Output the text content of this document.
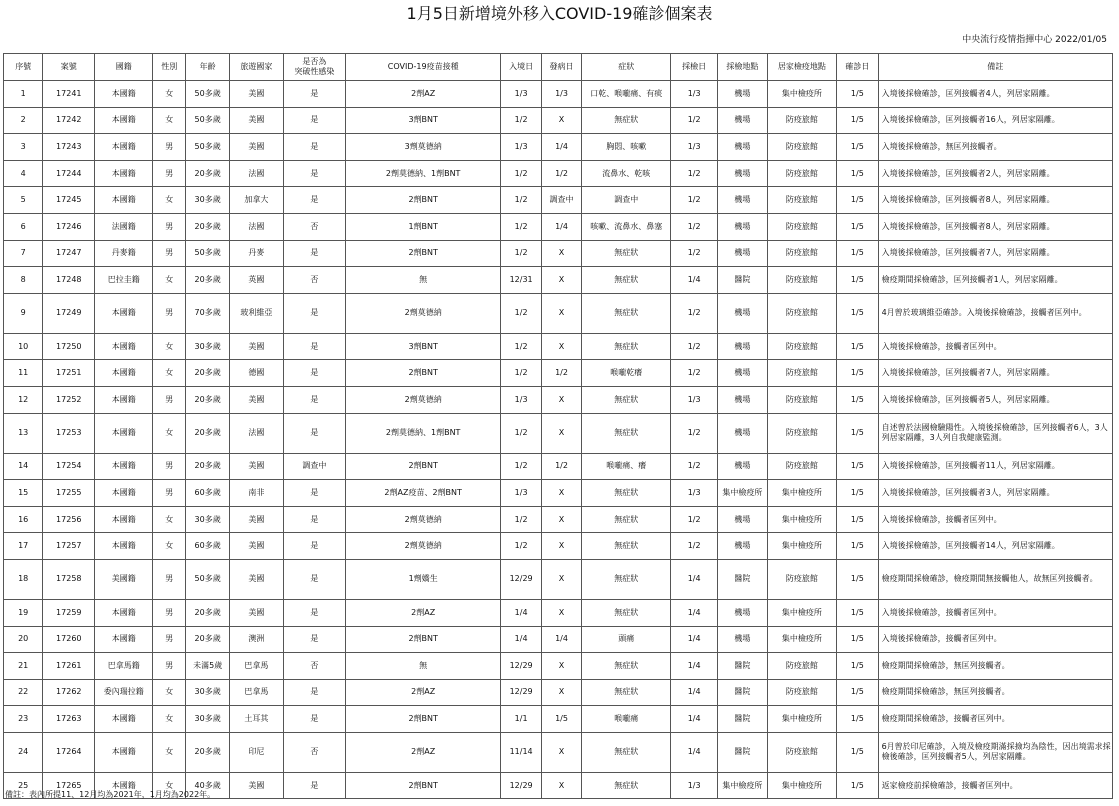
1月5日新增境外移入COVID-19確診個案表
中央流行疫情指揮中心 2022/01/05
序號	案號	國籍	性別	年齡	旅遊國家	是否為
突破性感染	COVID-19疫苗接種	入境日	發病日	症狀	採檢日	採檢地點	居家檢疫地點	確診日	備註
1	17241	本國籍	女	50多歲	美國	是	2劑AZ	1/3	1/3	口乾、喉嚨痛、有痰	1/3	機場	集中檢疫所	1/5	入境後採檢確診，匡列接觸者4人，列居家隔離。
2	17242	本國籍	女	50多歲	美國	是	3劑BNT	1/2	X	無症狀	1/2	機場	防疫旅館	1/5	入境後採檢確診，匡列接觸者16人，列居家隔離。
3	17243	本國籍	男	50多歲	美國	是	3劑莫德納	1/3	1/4	胸悶、咳嗽	1/3	機場	防疫旅館	1/5	入境後採檢確診，無匡列接觸者。
4	17244	本國籍	男	20多歲	法國	是	2劑莫德納、1劑BNT	1/2	1/2	流鼻水、乾咳	1/2	機場	防疫旅館	1/5	入境後採檢確診，匡列接觸者2人，列居家隔離。
5	17245	本國籍	女	30多歲	加拿大	是	2劑BNT	1/2	調查中	調查中	1/2	機場	防疫旅館	1/5	入境後採檢確診，匡列接觸者8人，列居家隔離。
6	17246	法國籍	男	20多歲	法國	否	1劑BNT	1/2	1/4	咳嗽、流鼻水、鼻塞	1/2	機場	防疫旅館	1/5	入境後採檢確診，匡列接觸者8人，列居家隔離。
7	17247	丹麥籍	男	50多歲	丹麥	是	2劑BNT	1/2	X	無症狀	1/2	機場	防疫旅館	1/5	入境後採檢確診，匡列接觸者7人，列居家隔離。
8	17248	巴拉圭籍	女	20多歲	英國	否	無	12/31	X	無症狀	1/4	醫院	防疫旅館	1/5	檢疫期間採檢確診，匡列接觸者1人，列居家隔離。
9	17249	本國籍	男	70多歲	玻利維亞	是	2劑莫德納	1/2	X	無症狀	1/2	機場	防疫旅館	1/5	4月曾於玻璃維亞確診。入境後採檢確診，接觸者匡列中。
10	17250	本國籍	女	30多歲	美國	是	3劑BNT	1/2	X	無症狀	1/2	機場	防疫旅館	1/5	入境後採檢確診，接觸者匡列中。
11	17251	本國籍	女	20多歲	德國	是	2劑BNT	1/2	1/2	喉嚨乾癢	1/2	機場	防疫旅館	1/5	入境後採檢確診，匡列接觸者7人，列居家隔離。
12	17252	本國籍	男	20多歲	美國	是	2劑莫德納	1/3	X	無症狀	1/3	機場	防疫旅館	1/5	入境後採檢確診，匡列接觸者5人，列居家隔離。
13	17253	本國籍	女	20多歲	法國	是	2劑莫德納、1劑BNT	1/2	X	無症狀	1/2	機場	防疫旅館	1/5	自述曾於法國檢驗陽性。入境後採檢確診，匡列接觸者6人，3人列居家隔離，3人列自我健康監測。
14	17254	本國籍	男	20多歲	美國	調查中	2劑BNT	1/2	1/2	喉嚨痛、癢	1/2	機場	防疫旅館	1/5	入境後採檢確診，匡列接觸者11人，列居家隔離。
15	17255	本國籍	男	60多歲	南非	是	2劑AZ疫苗、2劑BNT	1/3	X	無症狀	1/3	集中檢疫所	集中檢疫所	1/5	入境後採檢確診，匡列接觸者3人，列居家隔離。
16	17256	本國籍	女	30多歲	美國	是	2劑莫德納	1/2	X	無症狀	1/2	機場	集中檢疫所	1/5	入境後採檢確診，接觸者匡列中。
17	17257	本國籍	女	60多歲	美國	是	2劑莫德納	1/2	X	無症狀	1/2	機場	集中檢疫所	1/5	入境後採檢確診，匡列接觸者14人，列居家隔離。
18	17258	美國籍	男	50多歲	美國	是	1劑嬌生	12/29	X	無症狀	1/4	醫院	防疫旅館	1/5	檢疫期間採檢確診，檢疫期間無接觸他人，故無匡列接觸者。
19	17259	本國籍	男	20多歲	美國	是	2劑AZ	1/4	X	無症狀	1/4	機場	集中檢疫所	1/5	入境後採檢確診，接觸者匡列中。
20	17260	本國籍	男	20多歲	澳洲	是	2劑BNT	1/4	1/4	頭痛	1/4	機場	集中檢疫所	1/5	入境後採檢確診，接觸者匡列中。
21	17261	巴拿馬籍	男	未滿5歲	巴拿馬	否	無	12/29	X	無症狀	1/4	醫院	防疫旅館	1/5	檢疫期間採檢確診，無匡列接觸者。
22	17262	委內瑞拉籍	女	30多歲	巴拿馬	是	2劑AZ	12/29	X	無症狀	1/4	醫院	防疫旅館	1/5	檢疫期間採檢確診，無匡列接觸者。
23	17263	本國籍	女	30多歲	土耳其	是	2劑BNT	1/1	1/5	喉嚨痛	1/4	醫院	集中檢疫所	1/5	檢疫期間採檢確診，接觸者匡列中。
24	17264	本國籍	女	20多歲	印尼	否	2劑AZ	11/14	X	無症狀	1/4	醫院	防疫旅館	1/5	6月曾於印尼確診，入境及檢疫期滿採撿均為陰性，因出境需求採檢後確診，匡列接觸者5人，列居家隔離。
25	17265	本國籍	女	40多歲	美國	是	2劑BNT	12/29	X	無症狀	1/3	集中檢疫所	集中檢疫所	1/5	返家檢疫前採檢確診，接觸者匡列中。
備註：表內所提11、12月均為2021年，1月均為2022年。
